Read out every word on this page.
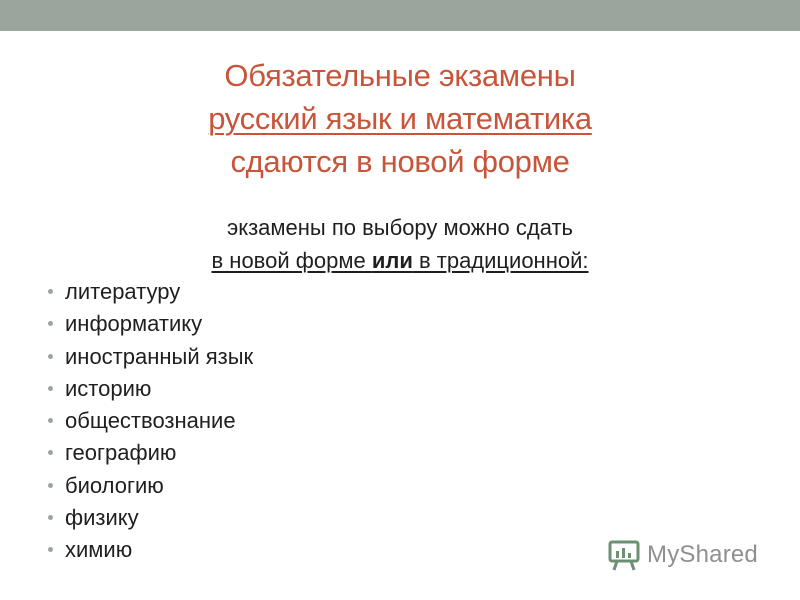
Обязательные экзамены
русский язык и математика
сдаются в новой форме
экзамены по выбору можно сдать
в новой форме или в традиционной:
литературу
информатику
иностранный язык
историю
обществознание
географию
биологию
физику
химию	MyShared
